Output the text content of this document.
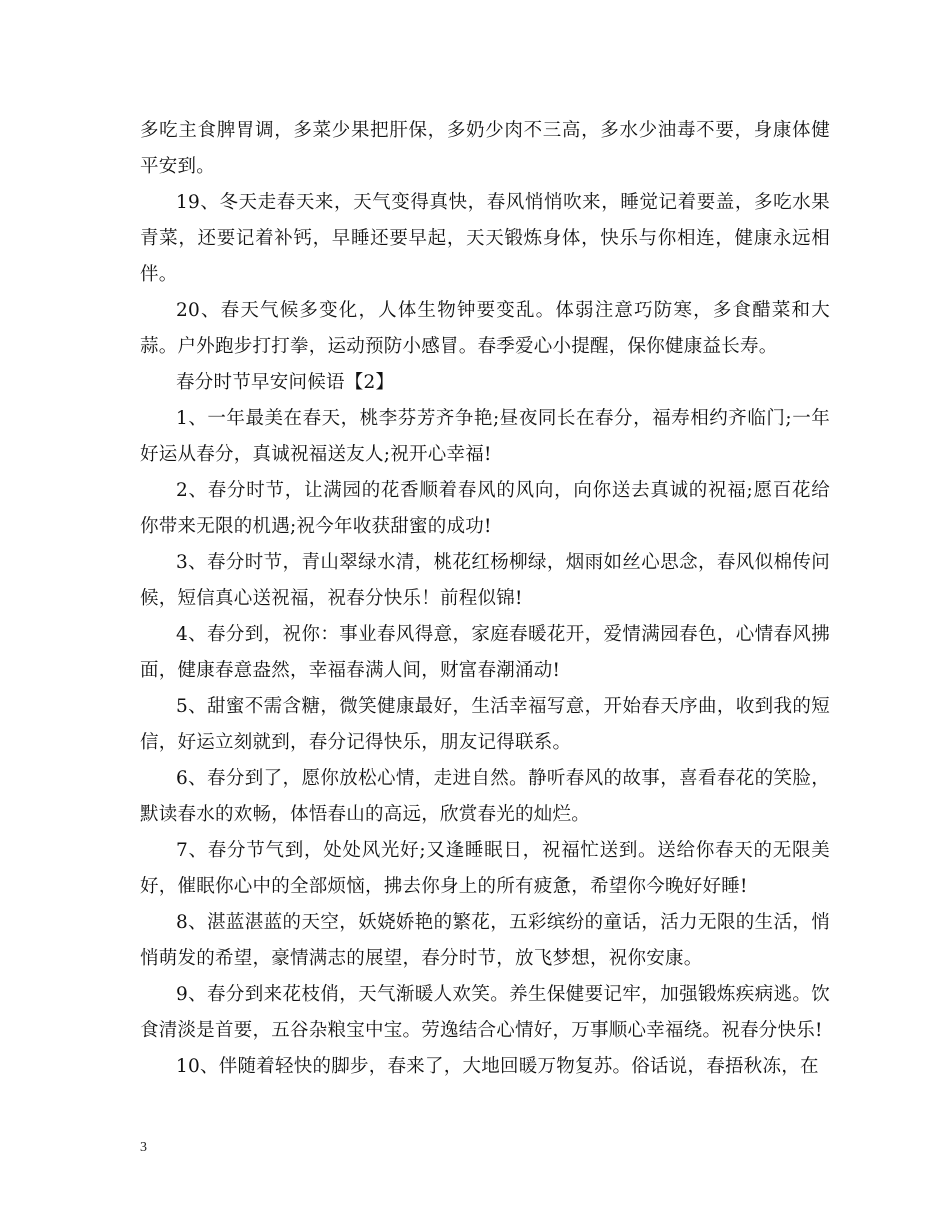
多吃主食脾胃调，多菜少果把肝保，多奶少肉不三高，多水少油毒不要，身康体健平安到。

19、冬天走春天来，天气变得真快，春风悄悄吹来，睡觉记着要盖，多吃水果青菜，还要记着补钙，早睡还要早起，天天锻炼身体，快乐与你相连，健康永远相伴。

20、春天气候多变化，人体生物钟要变乱。体弱注意巧防寒，多食醋菜和大蒜。户外跑步打打拳，运动预防小感冒。春季爱心小提醒，保你健康益长寿。

春分时节早安问候语【2】

1、一年最美在春天，桃李芬芳齐争艳;昼夜同长在春分，福寿相约齐临门;一年好运从春分，真诚祝福送友人;祝开心幸福!

2、春分时节，让满园的花香顺着春风的风向，向你送去真诚的祝福;愿百花给你带来无限的机遇;祝今年收获甜蜜的成功!

3、春分时节，青山翠绿水清，桃花红杨柳绿，烟雨如丝心思念，春风似棉传问候，短信真心送祝福，祝春分快乐！前程似锦!

4、春分到，祝你：事业春风得意，家庭春暖花开，爱情满园春色，心情春风拂面，健康春意盎然，幸福春满人间，财富春潮涌动!

5、甜蜜不需含糖，微笑健康最好，生活幸福写意，开始春天序曲，收到我的短信，好运立刻就到，春分记得快乐，朋友记得联系。

6、春分到了，愿你放松心情，走进自然。静听春风的故事，喜看春花的笑脸，默读春水的欢畅，体悟春山的高远，欣赏春光的灿烂。

7、春分节气到，处处风光好;又逢睡眠日，祝福忙送到。送给你春天的无限美好，催眠你心中的全部烦恼，拂去你身上的所有疲惫，希望你今晚好好睡!

8、湛蓝湛蓝的天空，妖娆娇艳的繁花，五彩缤纷的童话，活力无限的生活，悄悄萌发的希望，豪情满志的展望，春分时节，放飞梦想，祝你安康。

9、春分到来花枝俏，天气渐暖人欢笑。养生保健要记牢，加强锻炼疾病逃。饮食清淡是首要，五谷杂粮宝中宝。劳逸结合心情好，万事顺心幸福绕。祝春分快乐!

10、伴随着轻快的脚步，春来了，大地回暖万物复苏。俗话说，春捂秋冻，在

3
